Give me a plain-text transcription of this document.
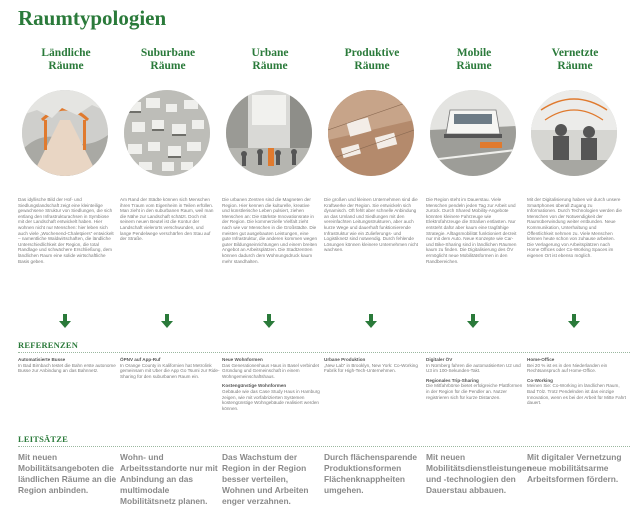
Raumtypologien
Ländliche
Räume

Das idyllische Bild der Hof- und Siedlungslandschaft zeigt eine kleinteilige gewachsene Struktur von Siedlungen, die sich entlang den Infrastrukturachsen in Symbiose mit der Landschaft entwickelt haben. Hier wohnen nicht nur Menschen: hier leben sich auch viele „Wochenend-Chaletpiers“ entwickelt – namentliche Waldwirtschaften, die ländliche Unterschiedlichkeit der Region, die total Randlage und schwächere Erschließung, dem ländlichen Raum eine solide wirtschaftliche Basis geben.

Automatisierte Busse

In Bad Birnbach testet die Bahn erste autonome Busse zur Anbindung an das Bahnnetz.

Mit neuen Mobilitätsangeboten die ländlichen Räume an die Region anbinden.

Suburbane
Räume

Am Rand der Städte können sich Menschen ihren Traum vom Eigenheim in Teilen erfüllen. Man zieht in den suburbanen Raum, weil man die Nähe zur Landschaft schätzt. Doch mit seinem neuen Beutel ist die Kontur der Landschaft vielerorts verschwunden, und lange Pendelwege verschärfen den Stau auf der Straße.

ÖPNV auf App-Ruf

In Orange County in Kalifornien hat Metrolink gemeinsam mit Uber die App Go Tsumi zur Ride-Sharing für den suburbanen Raum ein.

Wohn- und Arbeitsstandorte nur mit Anbindung an das multimodale Mobilitätsnetz planen.

Urbane
Räume

Die urbanen Zentren sind die Magneten der Region. Hier kennen die kulturelle, kreative und künstlerische Leben pulsiert, ziehen Menschen an: Die stärkste Innovationsrate in der Region. Die kommerzielle Vielfalt zieht nach wie vor Menschen in die Großstädte. Die meisten gut ausgebauten Leistungen, eine gute Infrastruktur, die anderen kommen wegen guter Bildungseinrichtungen und einem breiten Angebot an Arbeitsplätzen. Die Stadtzentren können dadurch dem Wohnungsdruck kaum mehr standhalten.

Neue Wohnformen

Das Generationenhaus Haus in Basel verbindet Gründung und Gemeinschaft in einem Wohngemeinschaftshaus.

Kostengünstige Wohnformen

Gebäude wie das Case Study Haus in Hamburg zeigen, wie mit vorfabrizierten Systemen kostengünstige Wohngebäude realisiert werden können.

Das Wachstum der Region in der Region besser verteilen, Wohnen und Arbeiten enger verzahnen.

Produktive
Räume

Die großen und kleinen Unternehmen sind die Kraftwerke der Region. Sie entwickeln sich dynamisch. Oft fehlt aber schnelle Anbindung an das Umland und Siedlungen mit den vereinfachten Leitungsstrukturen, aber auch kurze Wege und dauerhaft funktionierende Infrastruktur wie ein Zulieferungs- und Logistiknetz sind notwendig. Durch fehlende Lösungen können kleinere Unternehmen nicht wachsen.

Urbane Produktion

„New Lab“ in Brooklyn, New York: Co-Working Fabrik für High-Tech-Unternehmen.

Durch flächensparende Produktionsformen Flächenknappheiten umgehen.

Mobile
Räume

Die Region steht im Dauerstau. Viele Menschen pendeln jeden Tag zur Arbeit und zurück. Durch Shared Mobility-Angebote könnten kleinere Fahrzeuge wie Elektrofahrzeuge die Straßen entlasten. Nur entsteht dafür aber kaum eine tragfähige Strategie. Alltagsmobilität funktioniert derzeit nur mit dem Auto. Neue Konzepte wie Car- und Bike-Sharing sind in ländlichen Räumen kaum zu finden. Die Digitalisierung des ÖV ermöglicht neue Mobilitätsformen in den Randbereichen.

Digitaler ÖV

In Nürnberg fahren die automatisierten U2 und U3 im 100-Sekunden-Takt.

Regionales Trip-Sharing

Die Mitfahrbörse bietet erfolgreiche Plattformen in der Region für die Pendler an. Nutzer registrieren sich für kurze Distanzen.

Mit neuen Mobilitätsdienstleistungen und -technologien den Dauerstau abbauen.

Vernetzte
Räume

Mit der Digitalisierung haben wir durch unsere Smartphones überall Zugang zu Informationen. Durch Technologien werden die Menschen von der Notwendigkeit der Raumüberwindung weiter entbunden. Neue Kommunikation, Unterhaltung und Öffentlichkeit nehmen zu. Viele Menschen können heute schon von zuhause arbeiten. Die Verlagerung von Arbeitsplätzen nach Home Offices oder Co-Working Spaces im eigenen Ort ist ebenso möglich.

Home-Office

Bei 20 % ist es in den Niederlanden ein Rechtsanspruch auf Home-Office.

Co-Working

Meinen Sie: Co-Working im ländlichen Raum, Bad Tölz. Trotz Pendelnden ist das einzige Innovation, wenn es bei der Arbeit für Mitte Fahrt dauert.

Mit digitaler Vernetzung neue mobilitätsarme Arbeitsformen fördern.

REFERENZEN
LEITSÄTZE
